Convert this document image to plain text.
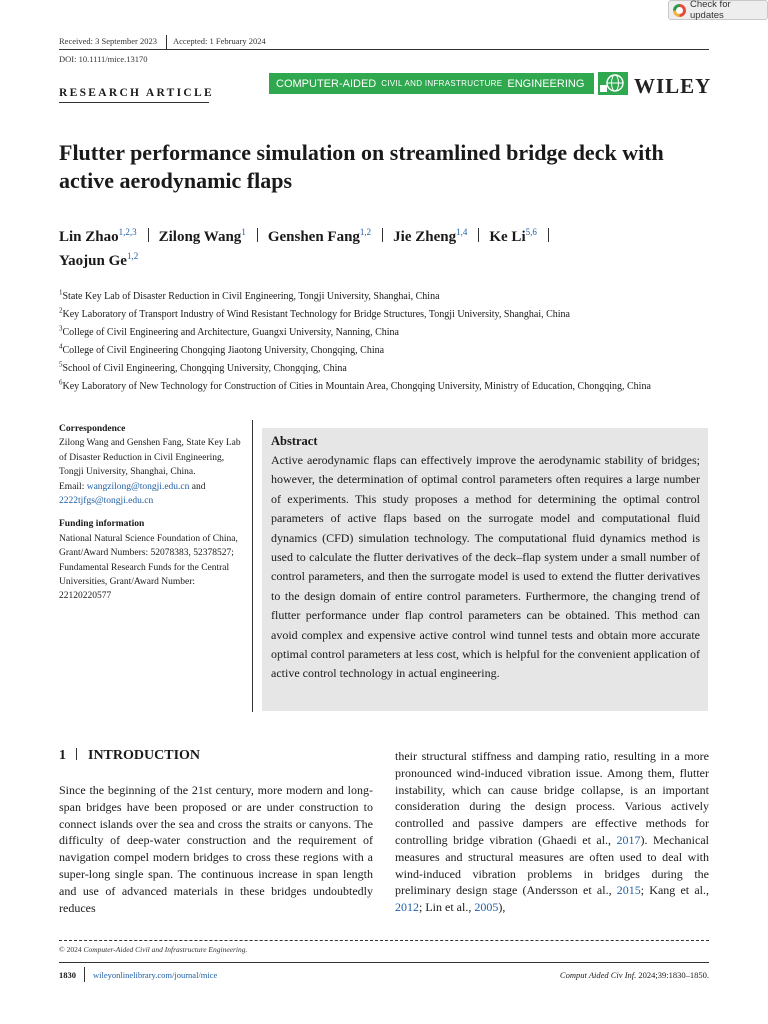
Check for updates
Received: 3 September 2023 Accepted: 1 February 2024
DOI: 10.1111/mice.13170
RESEARCH ARTICLE
COMPUTER-AIDED CIVIL AND INFRASTRUCTURE ENGINEERING WILEY
Flutter performance simulation on streamlined bridge deck with active aerodynamic flaps
Lin Zhao$^{1,2,3}$ Zilong Wang$^1$ Genshen Fang$^{1,2}$ Jie Zheng$^{1,4}$ Ke Li$^{5,6}$
Yaojun Ge$^{1,2}$
$^1$State Key Lab of Disaster Reduction in Civil Engineering, Tongji University, Shanghai, China
$^2$Key Laboratory of Transport Industry of Wind Resistant Technology for Bridge Structures, Tongji University, Shanghai, China
$^3$College of Civil Engineering and Architecture, Guangxi University, Nanning, China
$^4$College of Civil Engineering Chongqing Jiaotong University, Chongqing, China
$^5$School of Civil Engineering, Chongqing University, Chongqing, China
$^6$Key Laboratory of New Technology for Construction of Cities in Mountain Area, Chongqing University, Ministry of Education, Chongqing, China
Correspondence

Zilong Wang and Genshen Fang, State Key Lab of Disaster Reduction in Civil Engineering, Tongji University, Shanghai, China.
Email: wangzilong@tongji.edu.cn and
2222tjfgs@tongji.edu.cn

Funding information

National Natural Science Foundation of China, Grant/Award Numbers: 52078383, 52378527; Fundamental Research Funds for the Central Universities, Grant/Award Number: 22120220577

Abstract

Active aerodynamic flaps can effectively improve the aerodynamic stability of bridges; however, the determination of optimal control parameters often requires a large number of experiments. This study proposes a method for determining the optimal control parameters of active flaps based on the surrogate model and computational fluid dynamics (CFD) simulation technology. The computational fluid dynamics method is used to calculate the flutter derivatives of the deck–flap system under a small number of control parameters, and then the surrogate model is used to extend the flutter derivatives to the design domain of entire control parameters. Furthermore, the changing trend of flutter performance under flap control parameters can be obtained. This method can avoid complex and expensive active control wind tunnel tests and obtain more accurate optimal control parameters at less cost, which is helpful for the convenient application of active control technology in actual engineering.

1 INTRODUCTION
Since the beginning of the 21st century, more modern and long-span bridges have been proposed or are under construction to connect islands over the sea and cross the straits or canyons. The difficulty of deep-water construction and the requirement of navigation compel modern bridges to cross these regions with a super-long single span. The continuous increase in span length and use of advanced materials in these bridges undoubtedly reduces
their structural stiffness and damping ratio, resulting in a more pronounced wind-induced vibration issue. Among them, flutter instability, which can cause bridge collapse, is an important consideration during the design process. Various actively controlled and passive dampers are effective methods for controlling bridge vibration (Ghaedi et al., 2017). Mechanical measures and structural measures are often used to deal with wind-induced vibration problems in bridges during the preliminary design stage (Andersson et al., 2015; Kang et al., 2012; Lin et al., 2005),
© 2024 Computer-Aided Civil and Infrastructure Engineering.
1830 wileyonlinelibrary.com/journal/mice	Comput Aided Civ Inf. 2024;39:1830–1850.
